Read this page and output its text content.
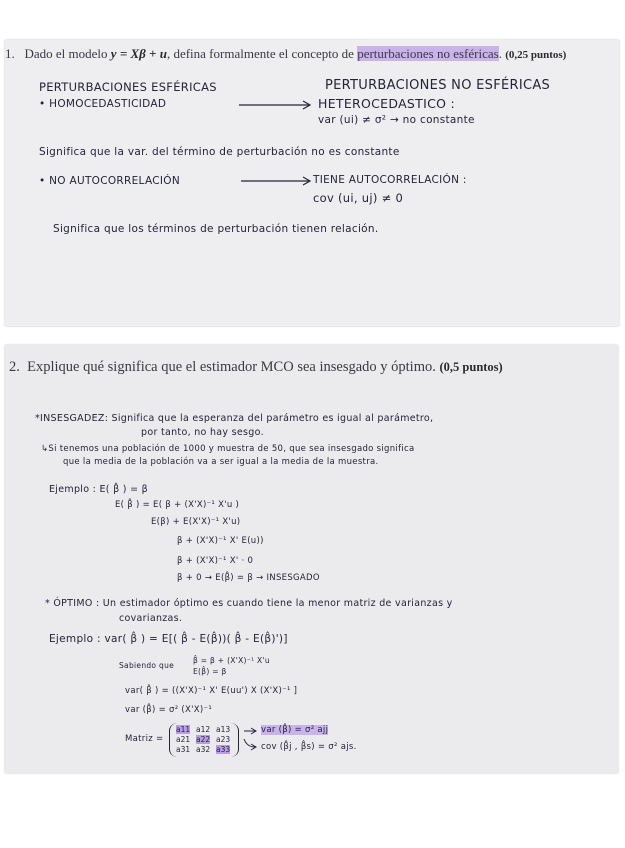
1. Dado el modelo y = Xβ + u, defina formalmente el concepto de perturbaciones no esféricas. (0,25 puntos)
PERTURBACIONES ESFÉRICAS	PERTURBACIONES NO ESFÉRICAS
• HOMOCEDASTICIDAD	HETEROCEDASTICO :
var (ui) ≠ σ² → no constante
Significa que la var. del término de perturbación no es constante
• NO AUTOCORRELACIÓN	TIENE AUTOCORRELACIÓN :
cov (ui, uj) ≠ 0
Significa que los términos de perturbación tienen relación.
2. Explique qué significa que el estimador MCO sea insesgado y óptimo. (0,5 puntos)
*INSESGADEZ: Significa que la esperanza del parámetro es igual al parámetro,
por tanto, no hay sesgo.
↳Si tenemos una población de 1000 y muestra de 50, que sea insesgado significa
que la media de la población va a ser igual a la media de la muestra.
Ejemplo : E( β̂ ) = β
E( β̂ ) = E( β + (X'X)⁻¹ X'u )
E(β) + E(X'X)⁻¹ X'u)
β + (X'X)⁻¹ X' E(u))
β + (X'X)⁻¹ X' · 0
β + 0 → E(β̂) = β → INSESGADO
* ÓPTIMO : Un estimador óptimo es cuando tiene la menor matriz de varianzas y
covarianzas.
Ejemplo : var( β̂ ) = E[( β̂ - E(β̂))( β̂ - E(β̂)')]
Sabiendo que
β̂ = β + (X'X)⁻¹ X'u
E(β̂) = β
var( β̂ ) = ((X'X)⁻¹ X' E(uu') X (X'X)⁻¹ ]
var (β̂) = σ² (X'X)⁻¹
Matriz =
a11 a12 a13
a21 a22 a23
a31 a32 a33
var (β̂) = σ² ajj
cov (β̂j , β̂s) = σ² ajs.
